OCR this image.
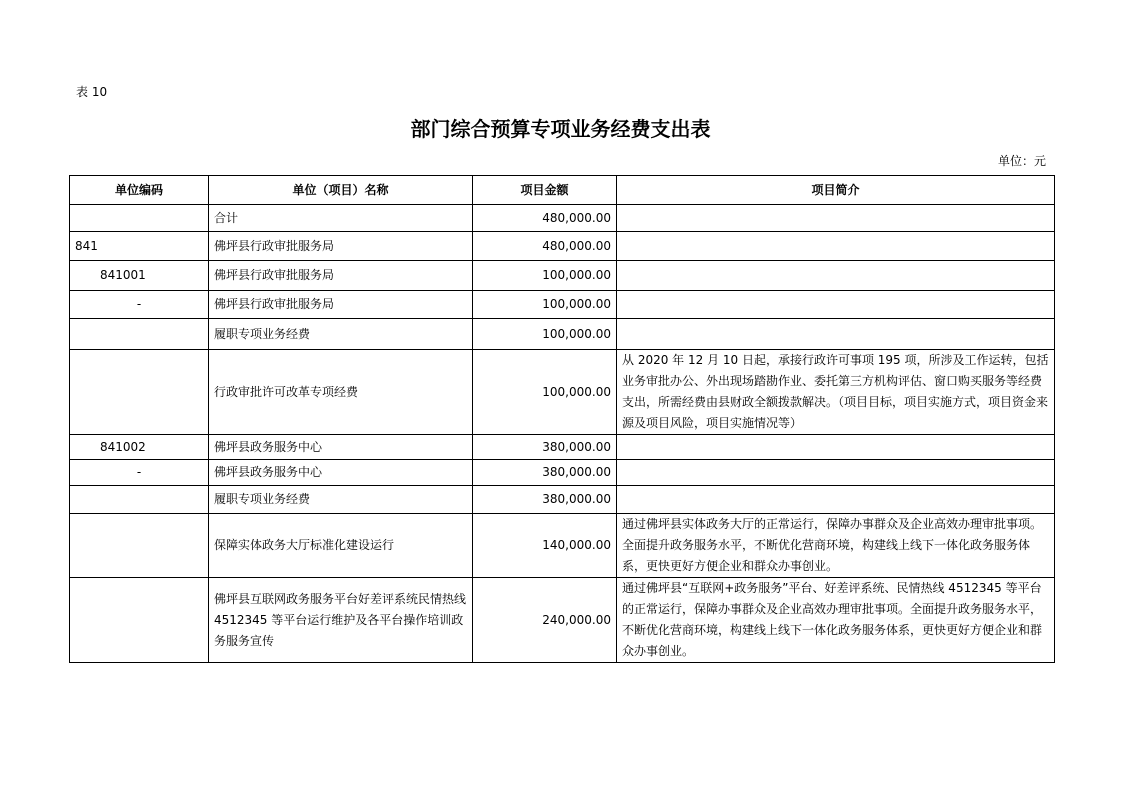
表 10
部门综合预算专项业务经费支出表
单位：元
单位编码	单位（项目）名称	项目金额	项目简介
	合计	480,000.00	
841	佛坪县行政审批服务局	480,000.00	
841001	佛坪县行政审批服务局	100,000.00	
-	佛坪县行政审批服务局	100,000.00	
	履职专项业务经费	100,000.00	
	行政审批许可改革专项经费	100,000.00	从 2020 年 12 月 10 日起，承接行政许可事项 195 项，所涉及工作运转，包括业务审批办公、外出现场踏勘作业、委托第三方机构评估、窗口购买服务等经费支出，所需经费由县财政全额拨款解决。（项目目标，项目实施方式，项目资金来源及项目风险，项目实施情况等）
841002	佛坪县政务服务中心	380,000.00	
-	佛坪县政务服务中心	380,000.00	
	履职专项业务经费	380,000.00	
	保障实体政务大厅标准化建设运行	140,000.00	通过佛坪县实体政务大厅的正常运行，保障办事群众及企业高效办理审批事项。全面提升政务服务水平，不断优化营商环境，构建线上线下一体化政务服务体系，更快更好方便企业和群众办事创业。
	佛坪县互联网政务服务平台好差评系统民情热线 4512345 等平台运行维护及各平台操作培训政务服务宣传	240,000.00	通过佛坪县“互联网+政务服务”平台、好差评系统、民情热线 4512345 等平台的正常运行，保障办事群众及企业高效办理审批事项。全面提升政务服务水平，不断优化营商环境，构建线上线下一体化政务服务体系，更快更好方便企业和群众办事创业。
